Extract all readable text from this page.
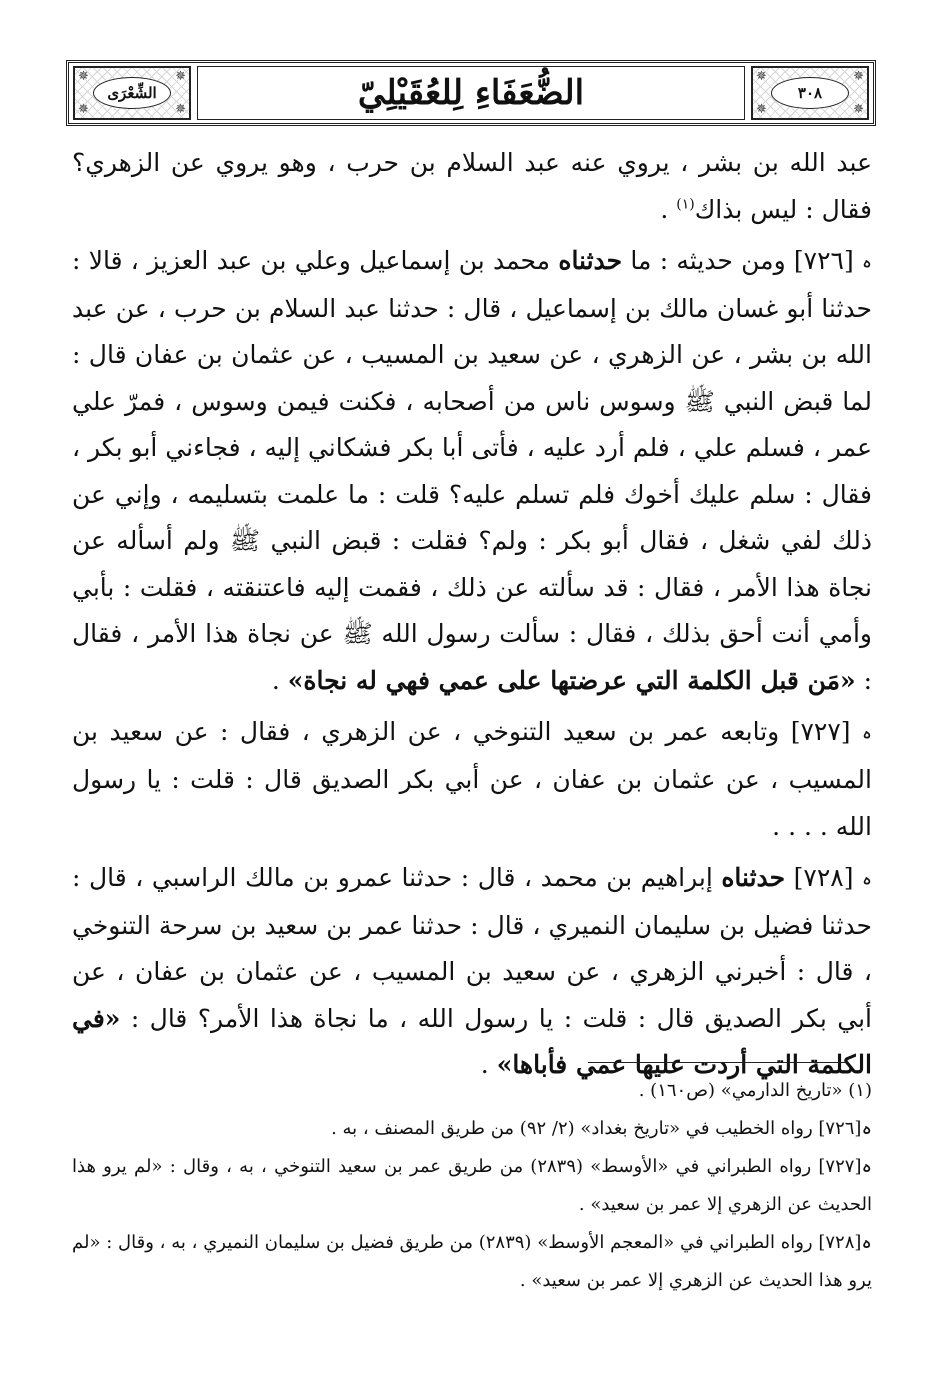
✵	✵
✵	✵
الشِّعْرَى	الضُّعَفَاءِ لِلعُقَيْلِيّ	✵	✵
✵	✵
٣٠٨

عبد الله بن بشر ، يروي عنه عبد السلام بن حرب ، وهو يروي عن الزهري؟ فقال : ليس بذاك$^{(١)}$ .

ہ [٧٢٦] ومن حديثه : ما حدثناه محمد بن إسماعيل وعلي بن عبد العزيز ، قالا : حدثنا أبو غسان مالك بن إسماعيل ، قال : حدثنا عبد السلام بن حرب ، عن عبد الله بن بشر ، عن الزهري ، عن سعيد بن المسيب ، عن عثمان بن عفان قال : لما قبض النبي ﷺ وسوس ناس من أصحابه ، فكنت فيمن وسوس ، فمرّ علي عمر ، فسلم علي ، فلم أرد عليه ، فأتى أبا بكر فشكاني إليه ، فجاءني أبو بكر ، فقال : سلم عليك أخوك فلم تسلم عليه؟ قلت : ما علمت بتسليمه ، وإني عن ذلك لفي شغل ، فقال أبو بكر : ولم؟ فقلت : قبض النبي ﷺ ولم أسأله عن نجاة هذا الأمر ، فقال : قد سألته عن ذلك ، فقمت إليه فاعتنقته ، فقلت : بأبي وأمي أنت أحق بذلك ، فقال : سألت رسول الله ﷺ عن نجاة هذا الأمر ، فقال : «مَن قبل الكلمة التي عرضتها على عمي فهي له نجاة» .

ہ [٧٢٧] وتابعه عمر بن سعيد التنوخي ، عن الزهري ، فقال : عن سعيد بن المسيب ، عن عثمان بن عفان ، عن أبي بكر الصديق قال : قلت : يا رسول الله . . . .

ہ [٧٢٨] حدثناه إبراهيم بن محمد ، قال : حدثنا عمرو بن مالك الراسبي ، قال : حدثنا فضيل بن سليمان النميري ، قال : حدثنا عمر بن سعيد بن سرحة التنوخي ، قال : أخبرني الزهري ، عن سعيد بن المسيب ، عن عثمان بن عفان ، عن أبي بكر الصديق قال : قلت : يا رسول الله ، ما نجاة هذا الأمر؟ قال : «في الكلمة التي أردت عليها عمي فأباها» .

(١) «تاريخ الدارمي» (ص١٦٠) .

ہ[٧٢٦] رواه الخطيب في «تاريخ بغداد» (٢/ ٩٢) من طريق المصنف ، به .

ہ[٧٢٧] رواه الطبراني في «الأوسط» (٢٨٣٩) من طريق عمر بن سعيد التنوخي ، به ، وقال : «لم يرو هذا الحديث عن الزهري إلا عمر بن سعيد» .

ہ[٧٢٨] رواه الطبراني في «المعجم الأوسط» (٢٨٣٩) من طريق فضيل بن سليمان النميري ، به ، وقال : «لم يرو هذا الحديث عن الزهري إلا عمر بن سعيد» .
